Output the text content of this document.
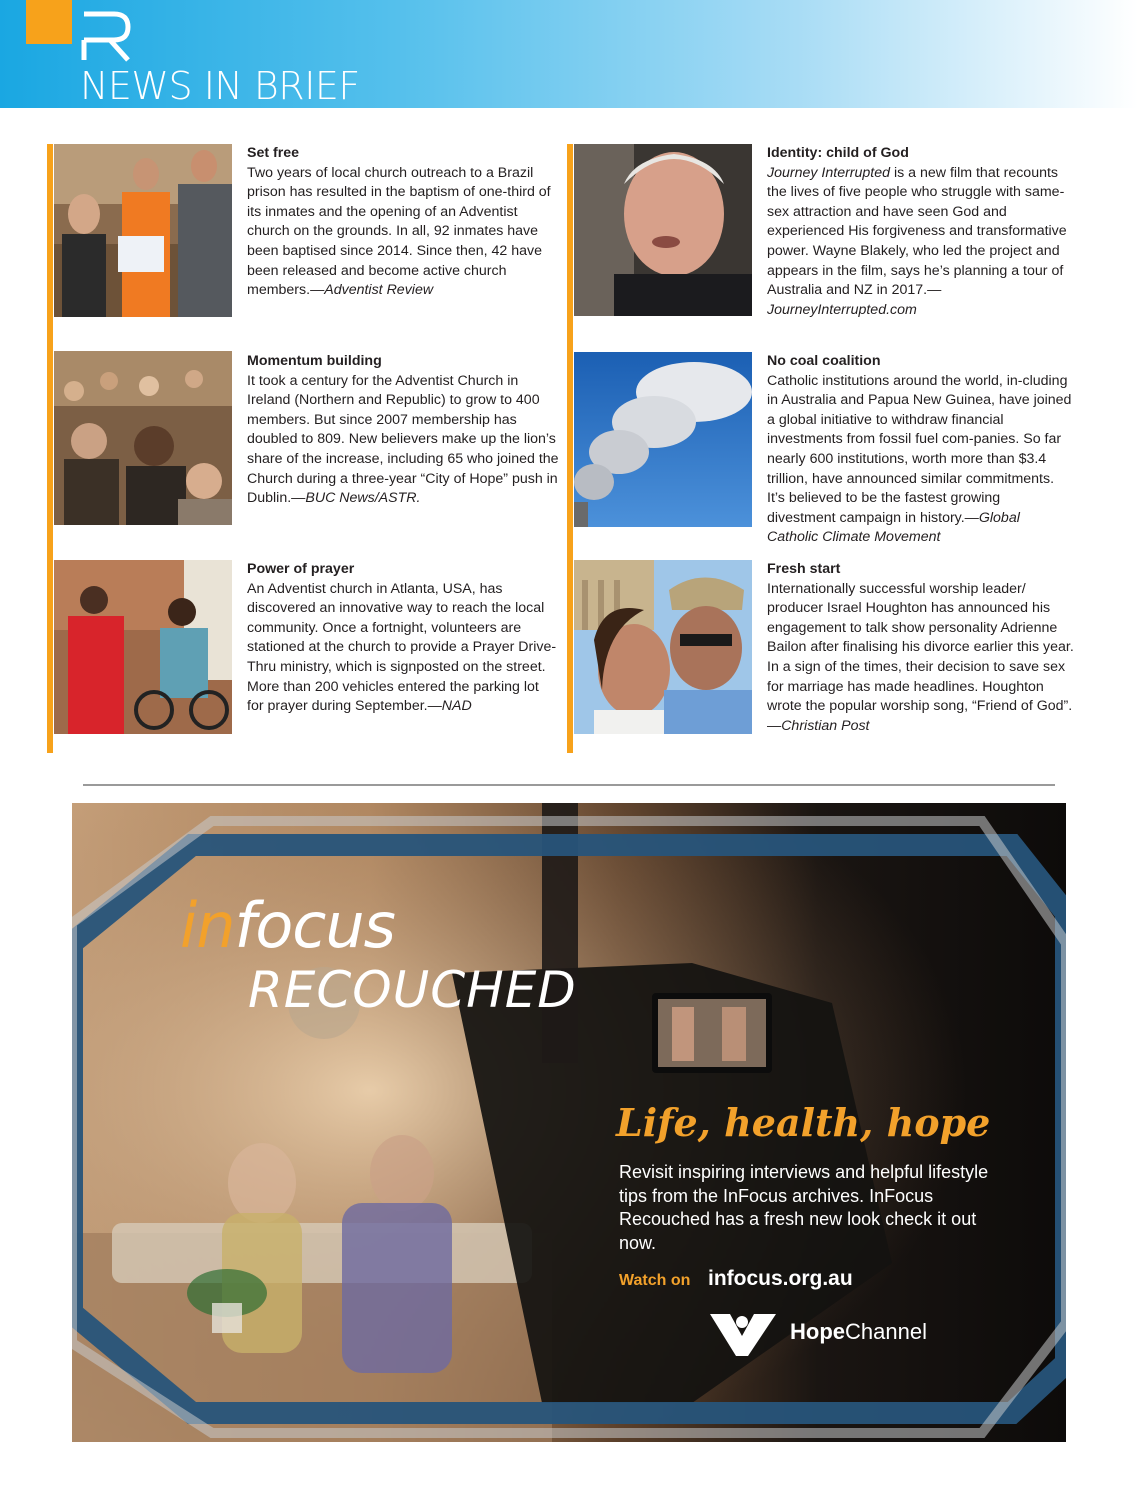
NEWS IN BRIEF
Set free
Two years of local church outreach to a Brazil prison has resulted in the baptism of one-third of its inmates and the opening of an Adventist church on the grounds. In all, 92 inmates have been baptised since 2014. Since then, 42 have been released and become active church members.—Adventist Review
Momentum building
It took a century for the Adventist Church in Ireland (Northern and Republic) to grow to 400 members. But since 2007 membership has doubled to 809. New believers make up the lion’s share of the increase, including 65 who joined the Church during a three-year “City of Hope” push in Dublin.—BUC News/ASTR.
Power of prayer
An Adventist church in Atlanta, USA, has discovered an innovative way to reach the local community. Once a fortnight, volunteers are stationed at the church to provide a Prayer Drive-Thru ministry, which is signposted on the street. More than 200 vehicles entered the parking lot for prayer during September.—NAD
Identity: child of God
Journey Interrupted is a new film that recounts the lives of five people who struggle with same-sex attraction and have seen God and experienced His forgiveness and transformative power. Wayne Blakely, who led the project and appears in the film, says he’s planning a tour of Australia and NZ in 2017.—JourneyInterrupted.com
No coal coalition
Catholic institutions around the world, in-cluding in Australia and Papua New Guinea, have joined a global initiative to withdraw financial investments from fossil fuel com-panies. So far nearly 600 institutions, worth more than $3.4 trillion, have announced similar commitments. It’s believed to be the fastest growing divestment campaign in history.—Global Catholic Climate Movement
Fresh start
Internationally successful worship leader/ producer Israel Houghton has announced his engagement to talk show personality Adrienne Bailon after finalising his divorce earlier this year. In a sign of the times, their decision to save sex for marriage has made headlines. Houghton wrote the popular worship song, “Friend of God”.—Christian Post
infocus
RECOUCHED
Life, health, hope
Revisit inspiring interviews and helpful lifestyle tips from the InFocus archives. InFocus Recouched has a fresh new look check it out now.
Watch on infocus.org.au
HopeChannel
